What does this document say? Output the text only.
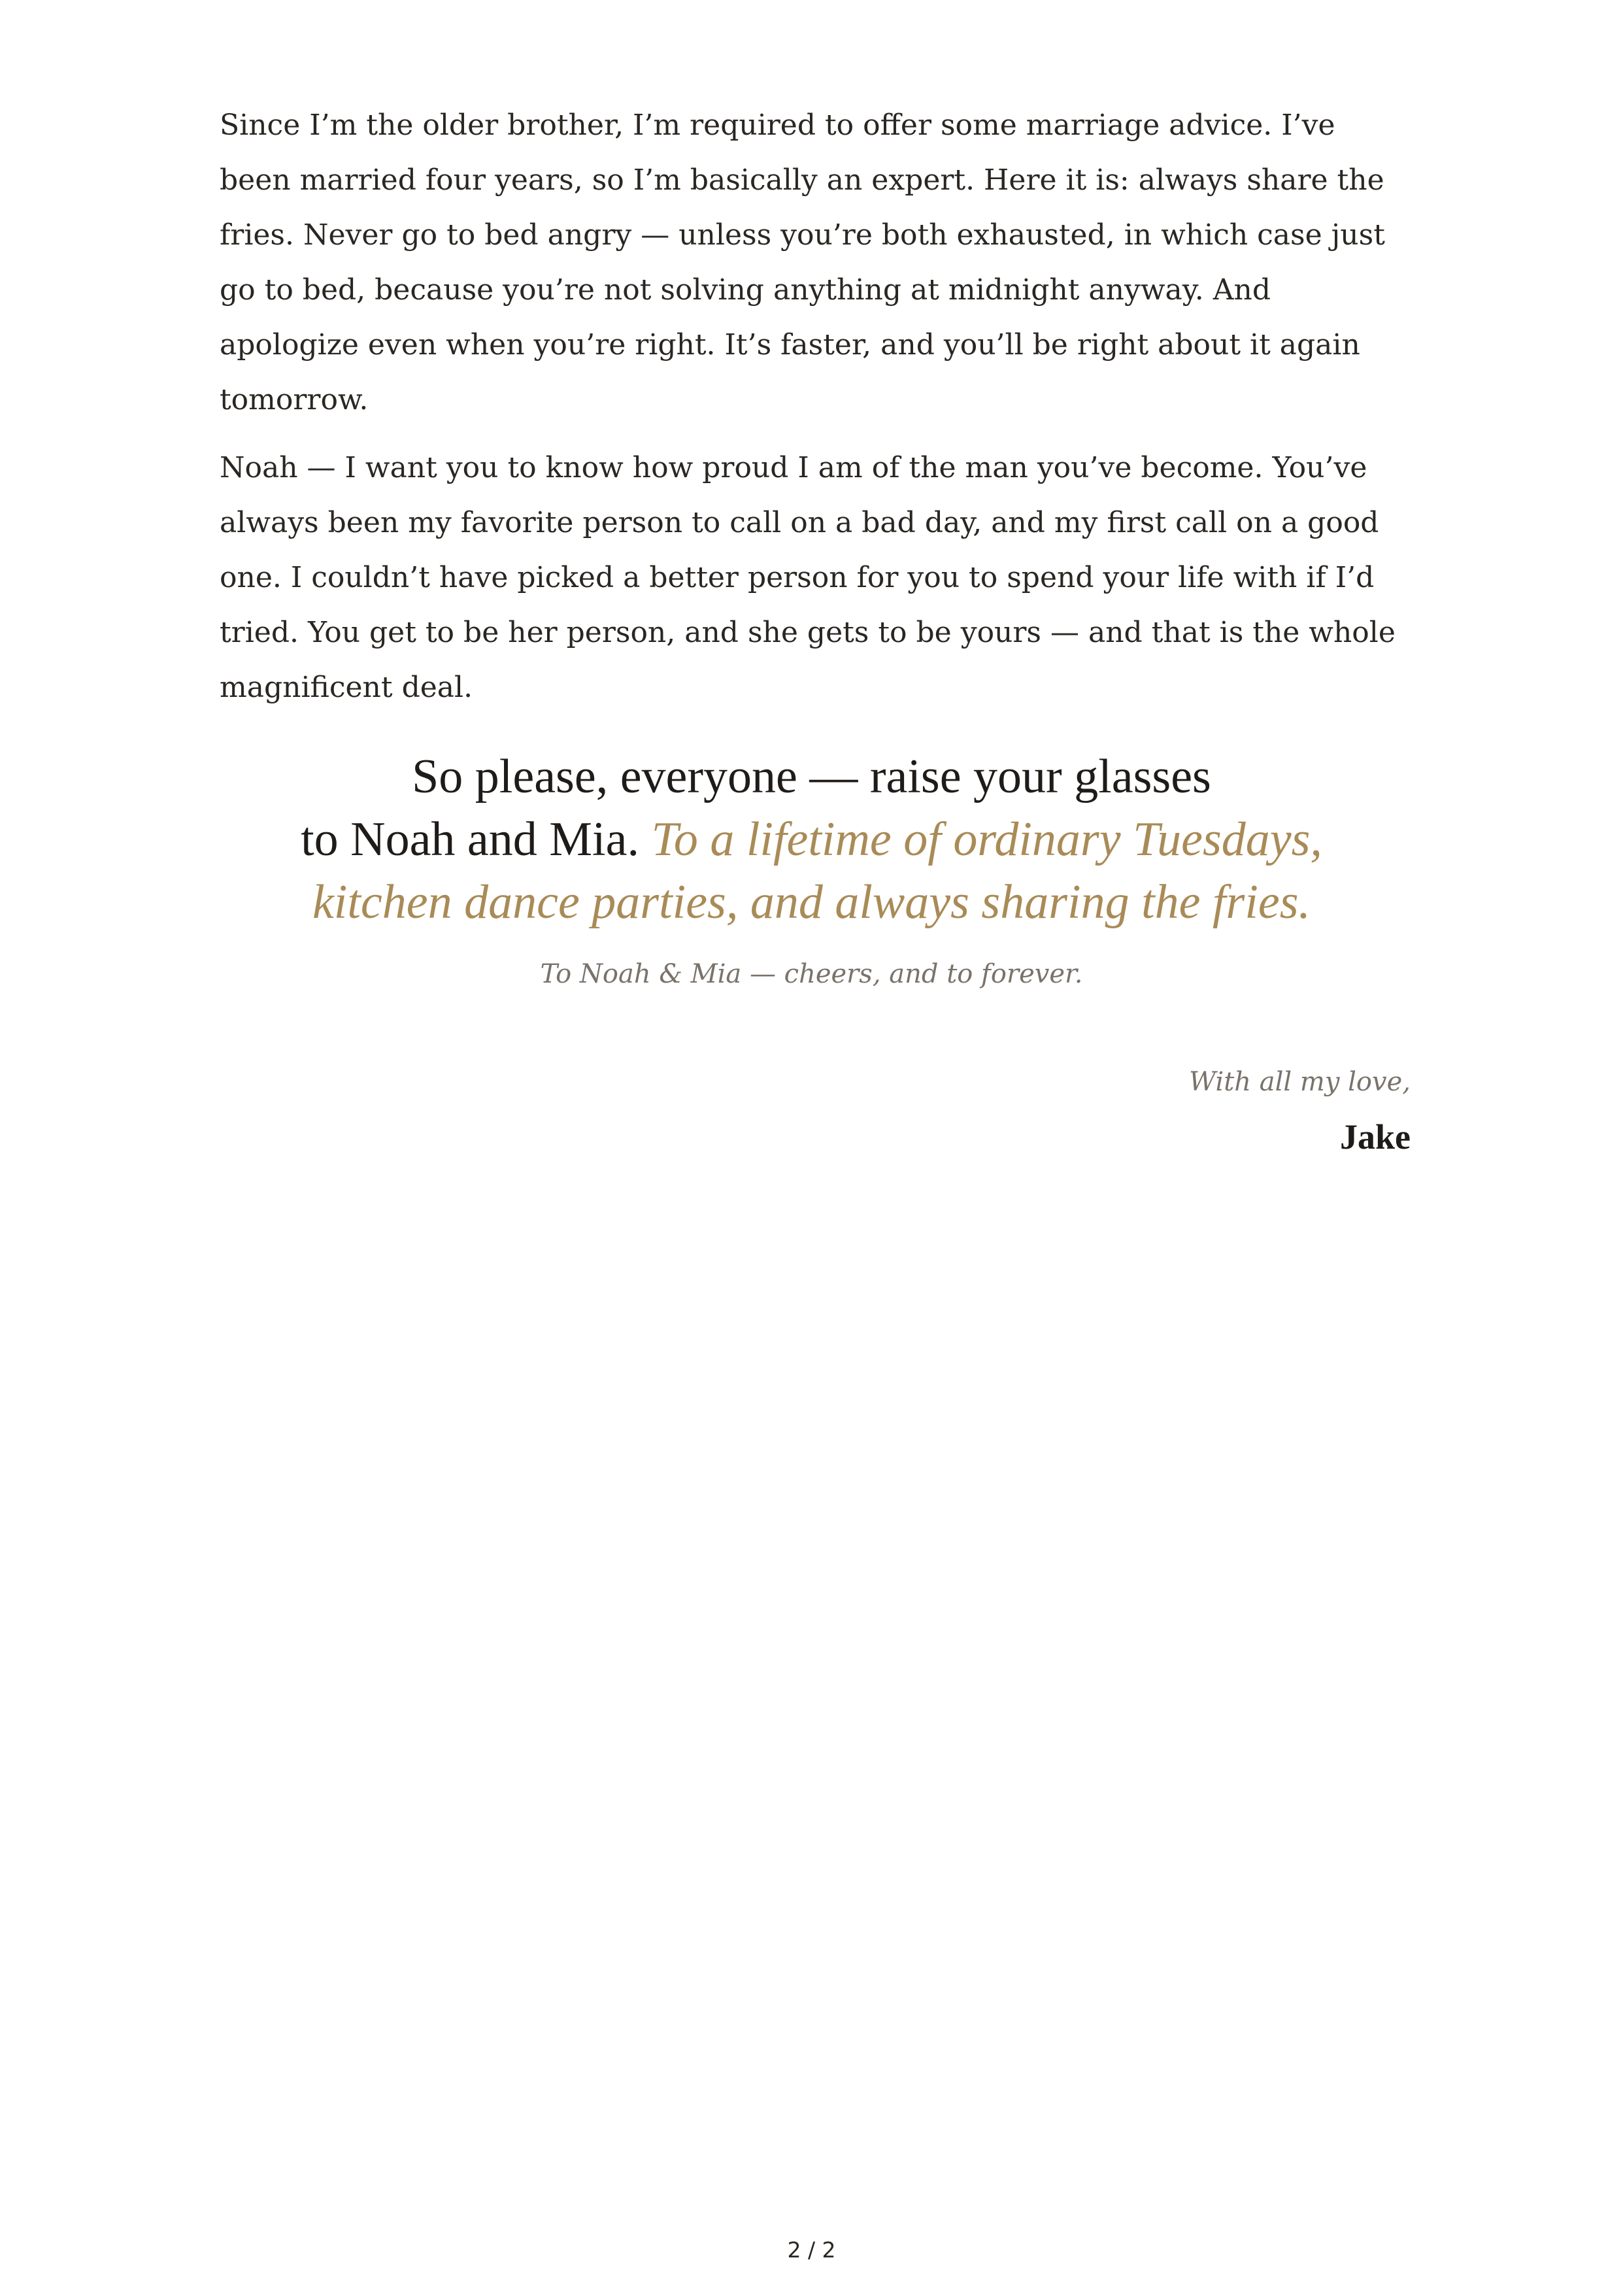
Since I’m the older brother, I’m required to offer some marriage advice. I’ve been married four years, so I’m basically an expert. Here it is: always share the fries. Never go to bed angry — unless you’re both exhausted, in which case just go to bed, because you’re not solving anything at midnight anyway. And apologize even when you’re right. It’s faster, and you’ll be right about it again tomorrow.

Noah — I want you to know how proud I am of the man you’ve become. You’ve always been my favorite person to call on a bad day, and my first call on a good one. I couldn’t have picked a better person for you to spend your life with if I’d tried. You get to be her person, and she gets to be yours — and that is the whole magnificent deal.

So please, everyone — raise your glasses
to Noah and Mia. To a lifetime of ordinary Tuesdays,
kitchen dance parties, and always sharing the fries.
To Noah & Mia — cheers, and to forever.
With all my love,
Jake
2 / 2
